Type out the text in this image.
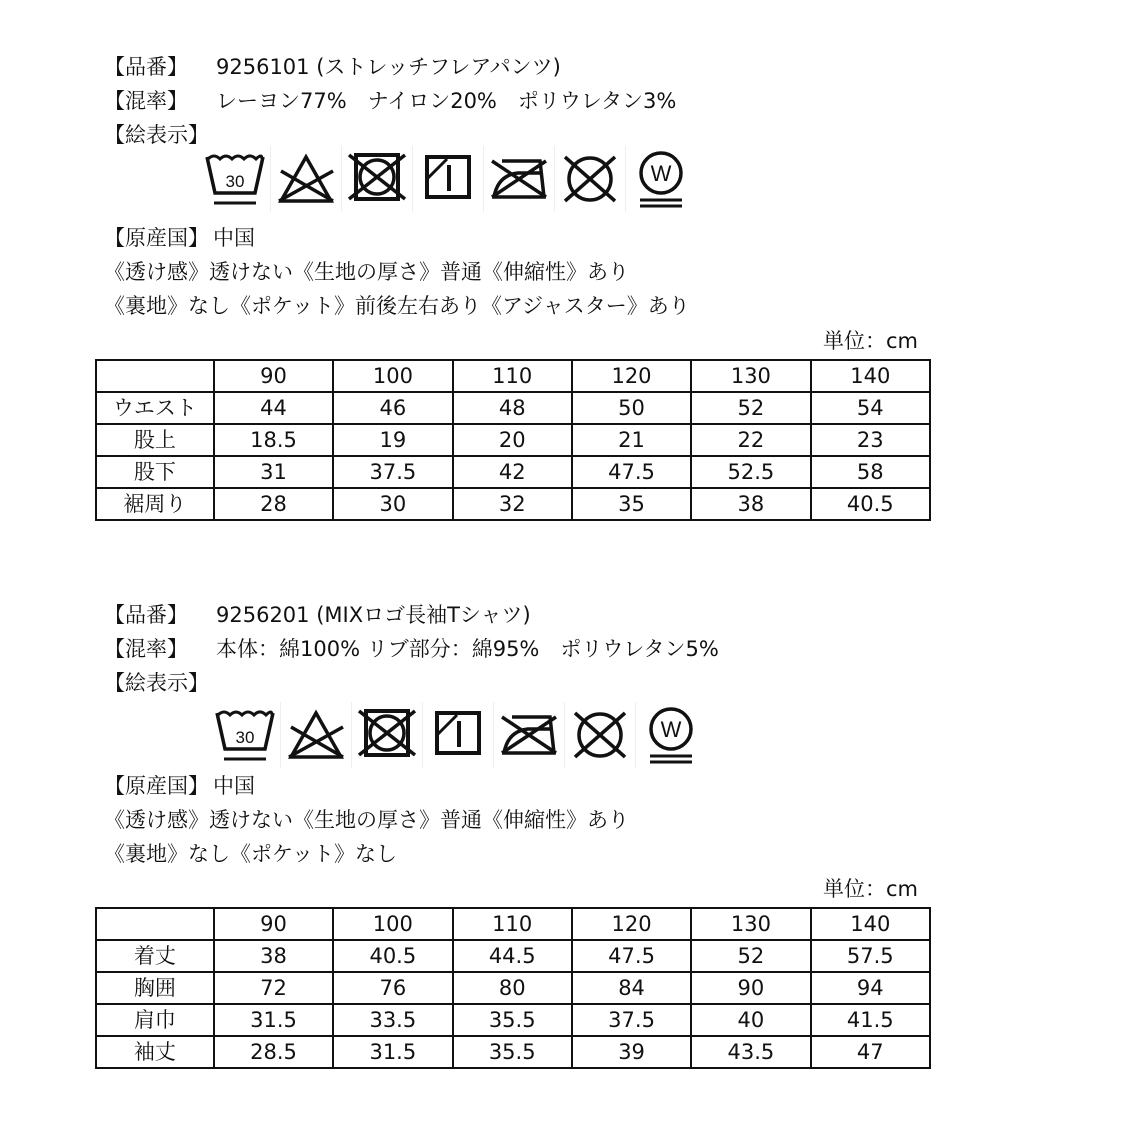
【品番】 9256101 (ストレッチフレアパンツ)
【混率】 レーヨン77%　ナイロン20%　ポリウレタン3%
【絵表示】
30	W
【原産国】 中国
《透け感》透けない《生地の厚さ》普通《伸縮性》あり
《裏地》なし《ポケット》前後左右あり《アジャスター》あり
単位：cm
	90	100	110	120	130	140
ウエスト	44	46	48	50	52	54
股上	18.5	19	20	21	22	23
股下	31	37.5	42	47.5	52.5	58
裾周り	28	30	32	35	38	40.5
【品番】 9256201 (MIXロゴ長袖Tシャツ)
【混率】 本体：綿100% リブ部分：綿95%　ポリウレタン5%
【絵表示】
30	W
【原産国】 中国
《透け感》透けない《生地の厚さ》普通《伸縮性》あり
《裏地》なし《ポケット》なし
単位：cm
	90	100	110	120	130	140
着丈	38	40.5	44.5	47.5	52	57.5
胸囲	72	76	80	84	90	94
肩巾	31.5	33.5	35.5	37.5	40	41.5
袖丈	28.5	31.5	35.5	39	43.5	47
